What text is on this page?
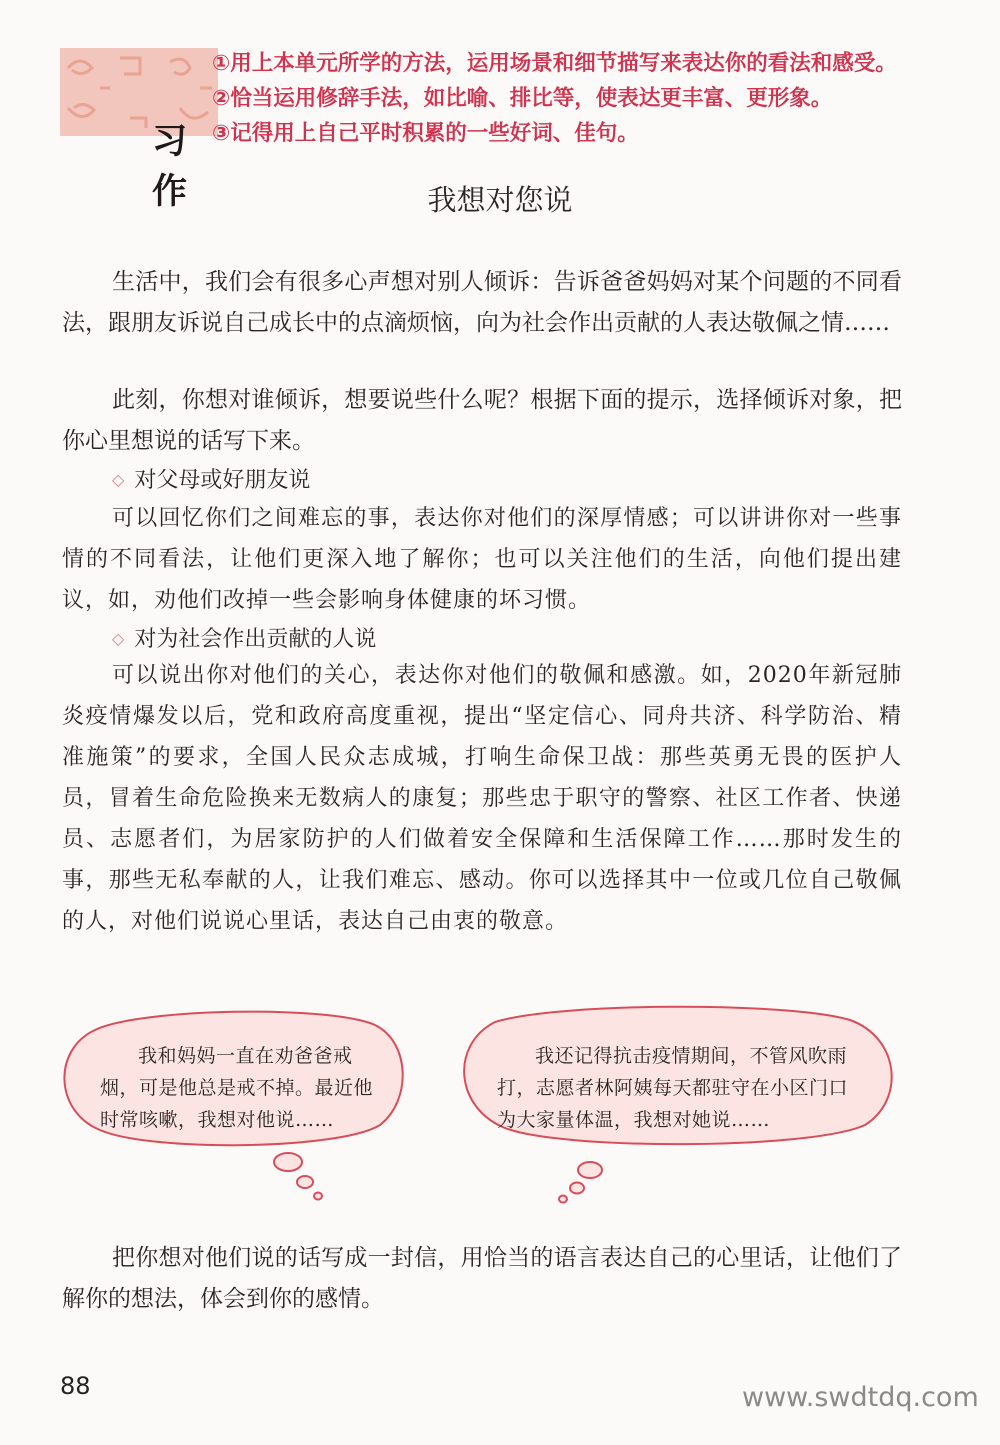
习作
①用上本单元所学的方法，运用场景和细节描写来表达你的看法和感受。
②恰当运用修辞手法，如比喻、排比等，使表达更丰富、更形象。
③记得用上自己平时积累的一些好词、佳句。
我想对您说

生活中，我们会有很多心声想对别人倾诉：告诉爸爸妈妈对某个问题的不同看法，跟朋友诉说自己成长中的点滴烦恼，向为社会作出贡献的人表达敬佩之情……

此刻，你想对谁倾诉，想要说些什么呢？根据下面的提示，选择倾诉对象，把你心里想说的话写下来。

◇ 对父母或好朋友说

可以回忆你们之间难忘的事，表达你对他们的深厚情感；可以讲讲你对一些事情的不同看法，让他们更深入地了解你；也可以关注他们的生活，向他们提出建议，如，劝他们改掉一些会影响身体健康的坏习惯。

◇ 对为社会作出贡献的人说

可以说出你对他们的关心，表达你对他们的敬佩和感激。如，2020年新冠肺炎疫情爆发以后，党和政府高度重视，提出“坚定信心、同舟共济、科学防治、精准施策”的要求，全国人民众志成城，打响生命保卫战：那些英勇无畏的医护人员，冒着生命危险换来无数病人的康复；那些忠于职守的警察、社区工作者、快递员、志愿者们，为居家防护的人们做着安全保障和生活保障工作……那时发生的事，那些无私奉献的人，让我们难忘、感动。你可以选择其中一位或几位自己敬佩的人，对他们说说心里话，表达自己由衷的敬意。

我和妈妈一直在劝爸爸戒烟，可是他总是戒不掉。最近他时常咳嗽，我想对他说……
我还记得抗击疫情期间，不管风吹雨打，志愿者林阿姨每天都驻守在小区门口为大家量体温，我想对她说……

把你想对他们说的话写成一封信，用恰当的语言表达自己的心里话，让他们了解你的想法，体会到你的感情。

88	www.swdtdq.com
